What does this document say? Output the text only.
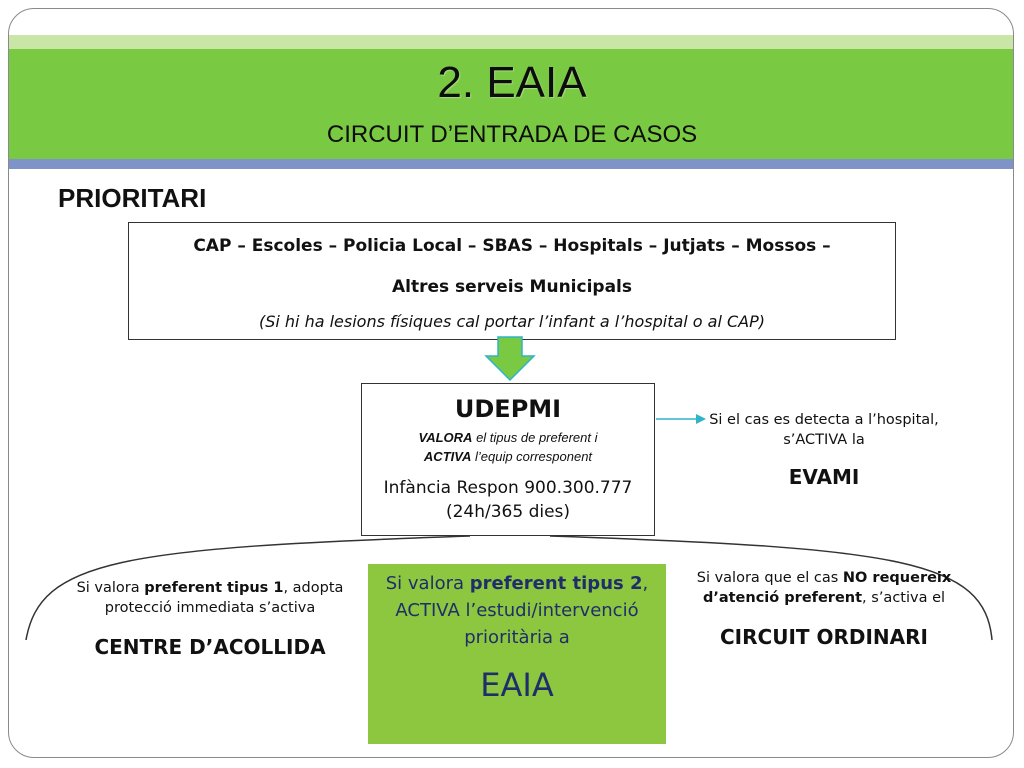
2. EAIA
CIRCUIT D’ENTRADA DE CASOS
PRIORITARI
CAP – Escoles – Policia Local – SBAS – Hospitals – Jutjats – Mossos –
Altres serveis Municipals
(Si hi ha lesions físiques cal portar l’infant a l’hospital o al CAP)
UDEPMI
VALORA el tipus de preferent i
ACTIVA l’equip corresponent
Infància Respon 900.300.777
(24h/365 dies)
Si el cas es detecta a l’hospital,
s’ACTIVA la
EVAMI
Si valora preferent tipus 1, adopta protecció immediata s’activa
CENTRE D’ACOLLIDA
Si valora preferent tipus 2, ACTIVA l’estudi/intervenció prioritària a
EAIA
Si valora que el cas NO requereix d’atenció preferent, s’activa el
CIRCUIT ORDINARI
